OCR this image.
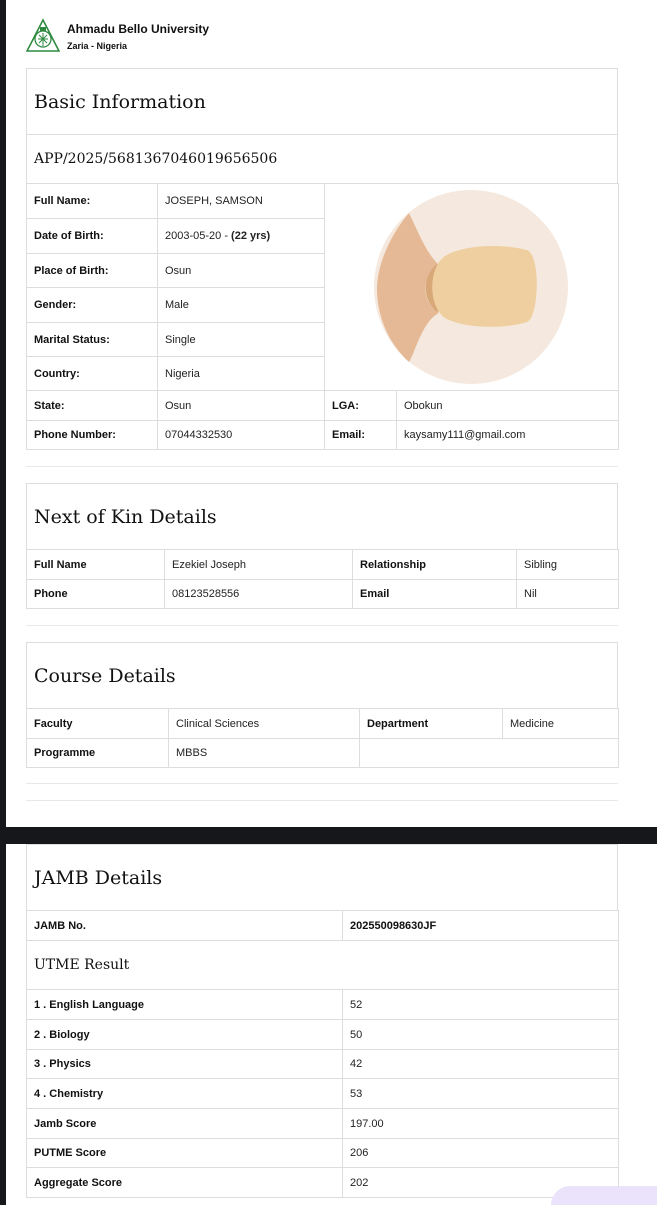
Ahmadu Bello University
Zaria - Nigeria
Basic Information
APP/2025/5681367046019656506
Full Name:	JOSEPH, SAMSON	

Date of Birth:	2003-05-20 - (22 yrs)		
Place of Birth:	Osun		
Gender:	Male		
Marital Status:	Single		
Country:	Nigeria		
State:	Osun	LGA:	Obokun
Phone Number:	07044332530	Email:	kaysamy111@gmail.com
Next of Kin Details
Full Name	Ezekiel Joseph	Relationship	Sibling
Phone	08123528556	Email	Nil
Course Details
Faculty	Clinical Sciences	Department	Medicine
Programme	MBBS		
JAMB Details
JAMB No.	202550098630JF
UTME Result	
1 . English Language	52
2 . Biology	50
3 . Physics	42
4 . Chemistry	53
Jamb Score	197.00
PUTME Score	206
Aggregate Score	202
